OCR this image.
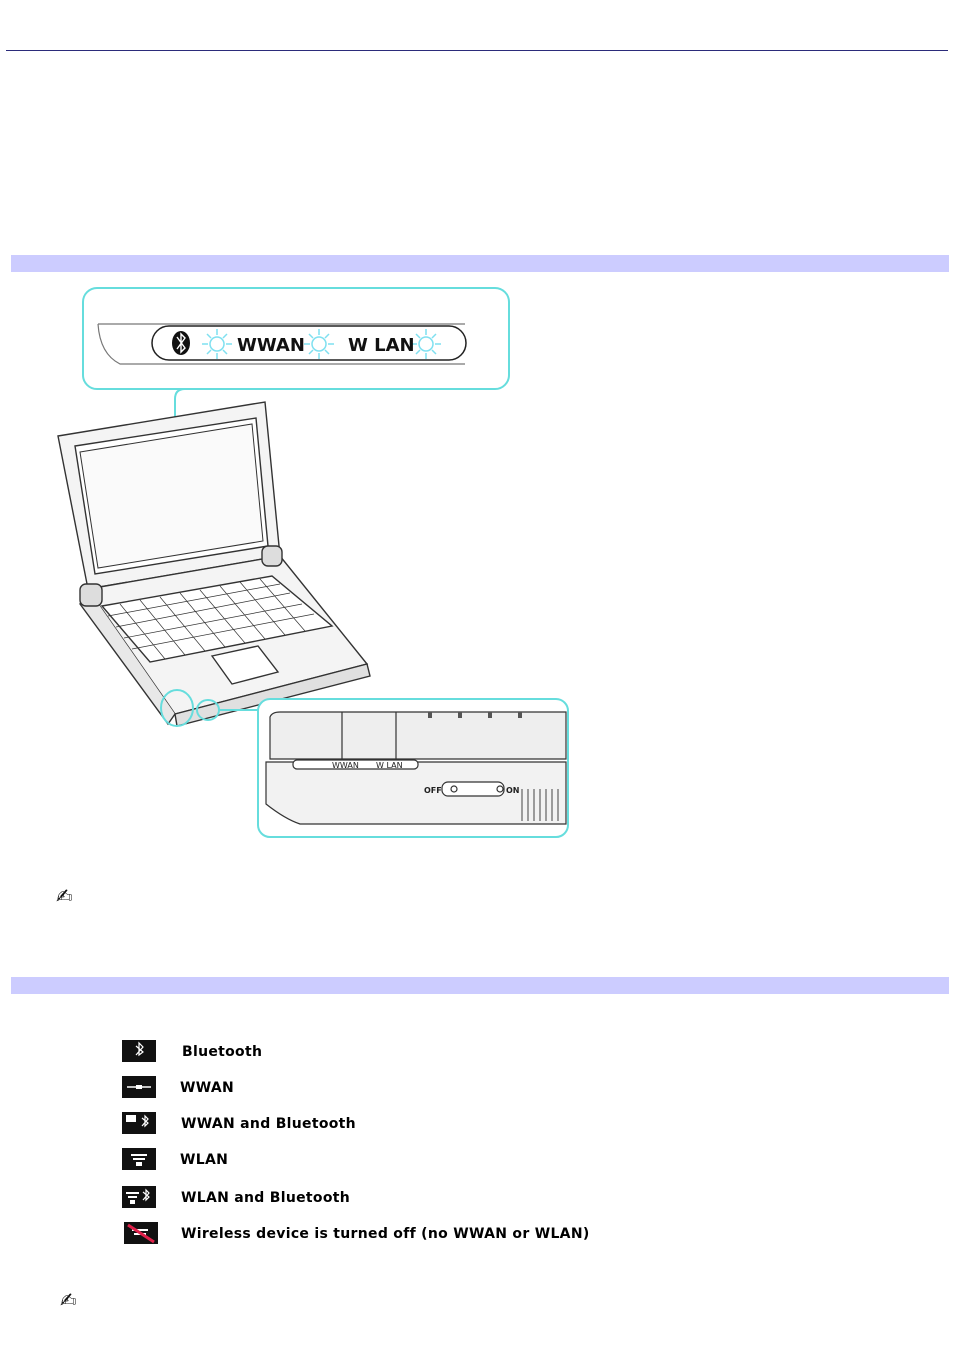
WWAN W LAN
WWAN W LAN
OFF	ON
✍
Bluetooth
WWAN
WWAN and Bluetooth
WLAN
WLAN and Bluetooth
Wireless device is turned off (no WWAN or WLAN)
✍
